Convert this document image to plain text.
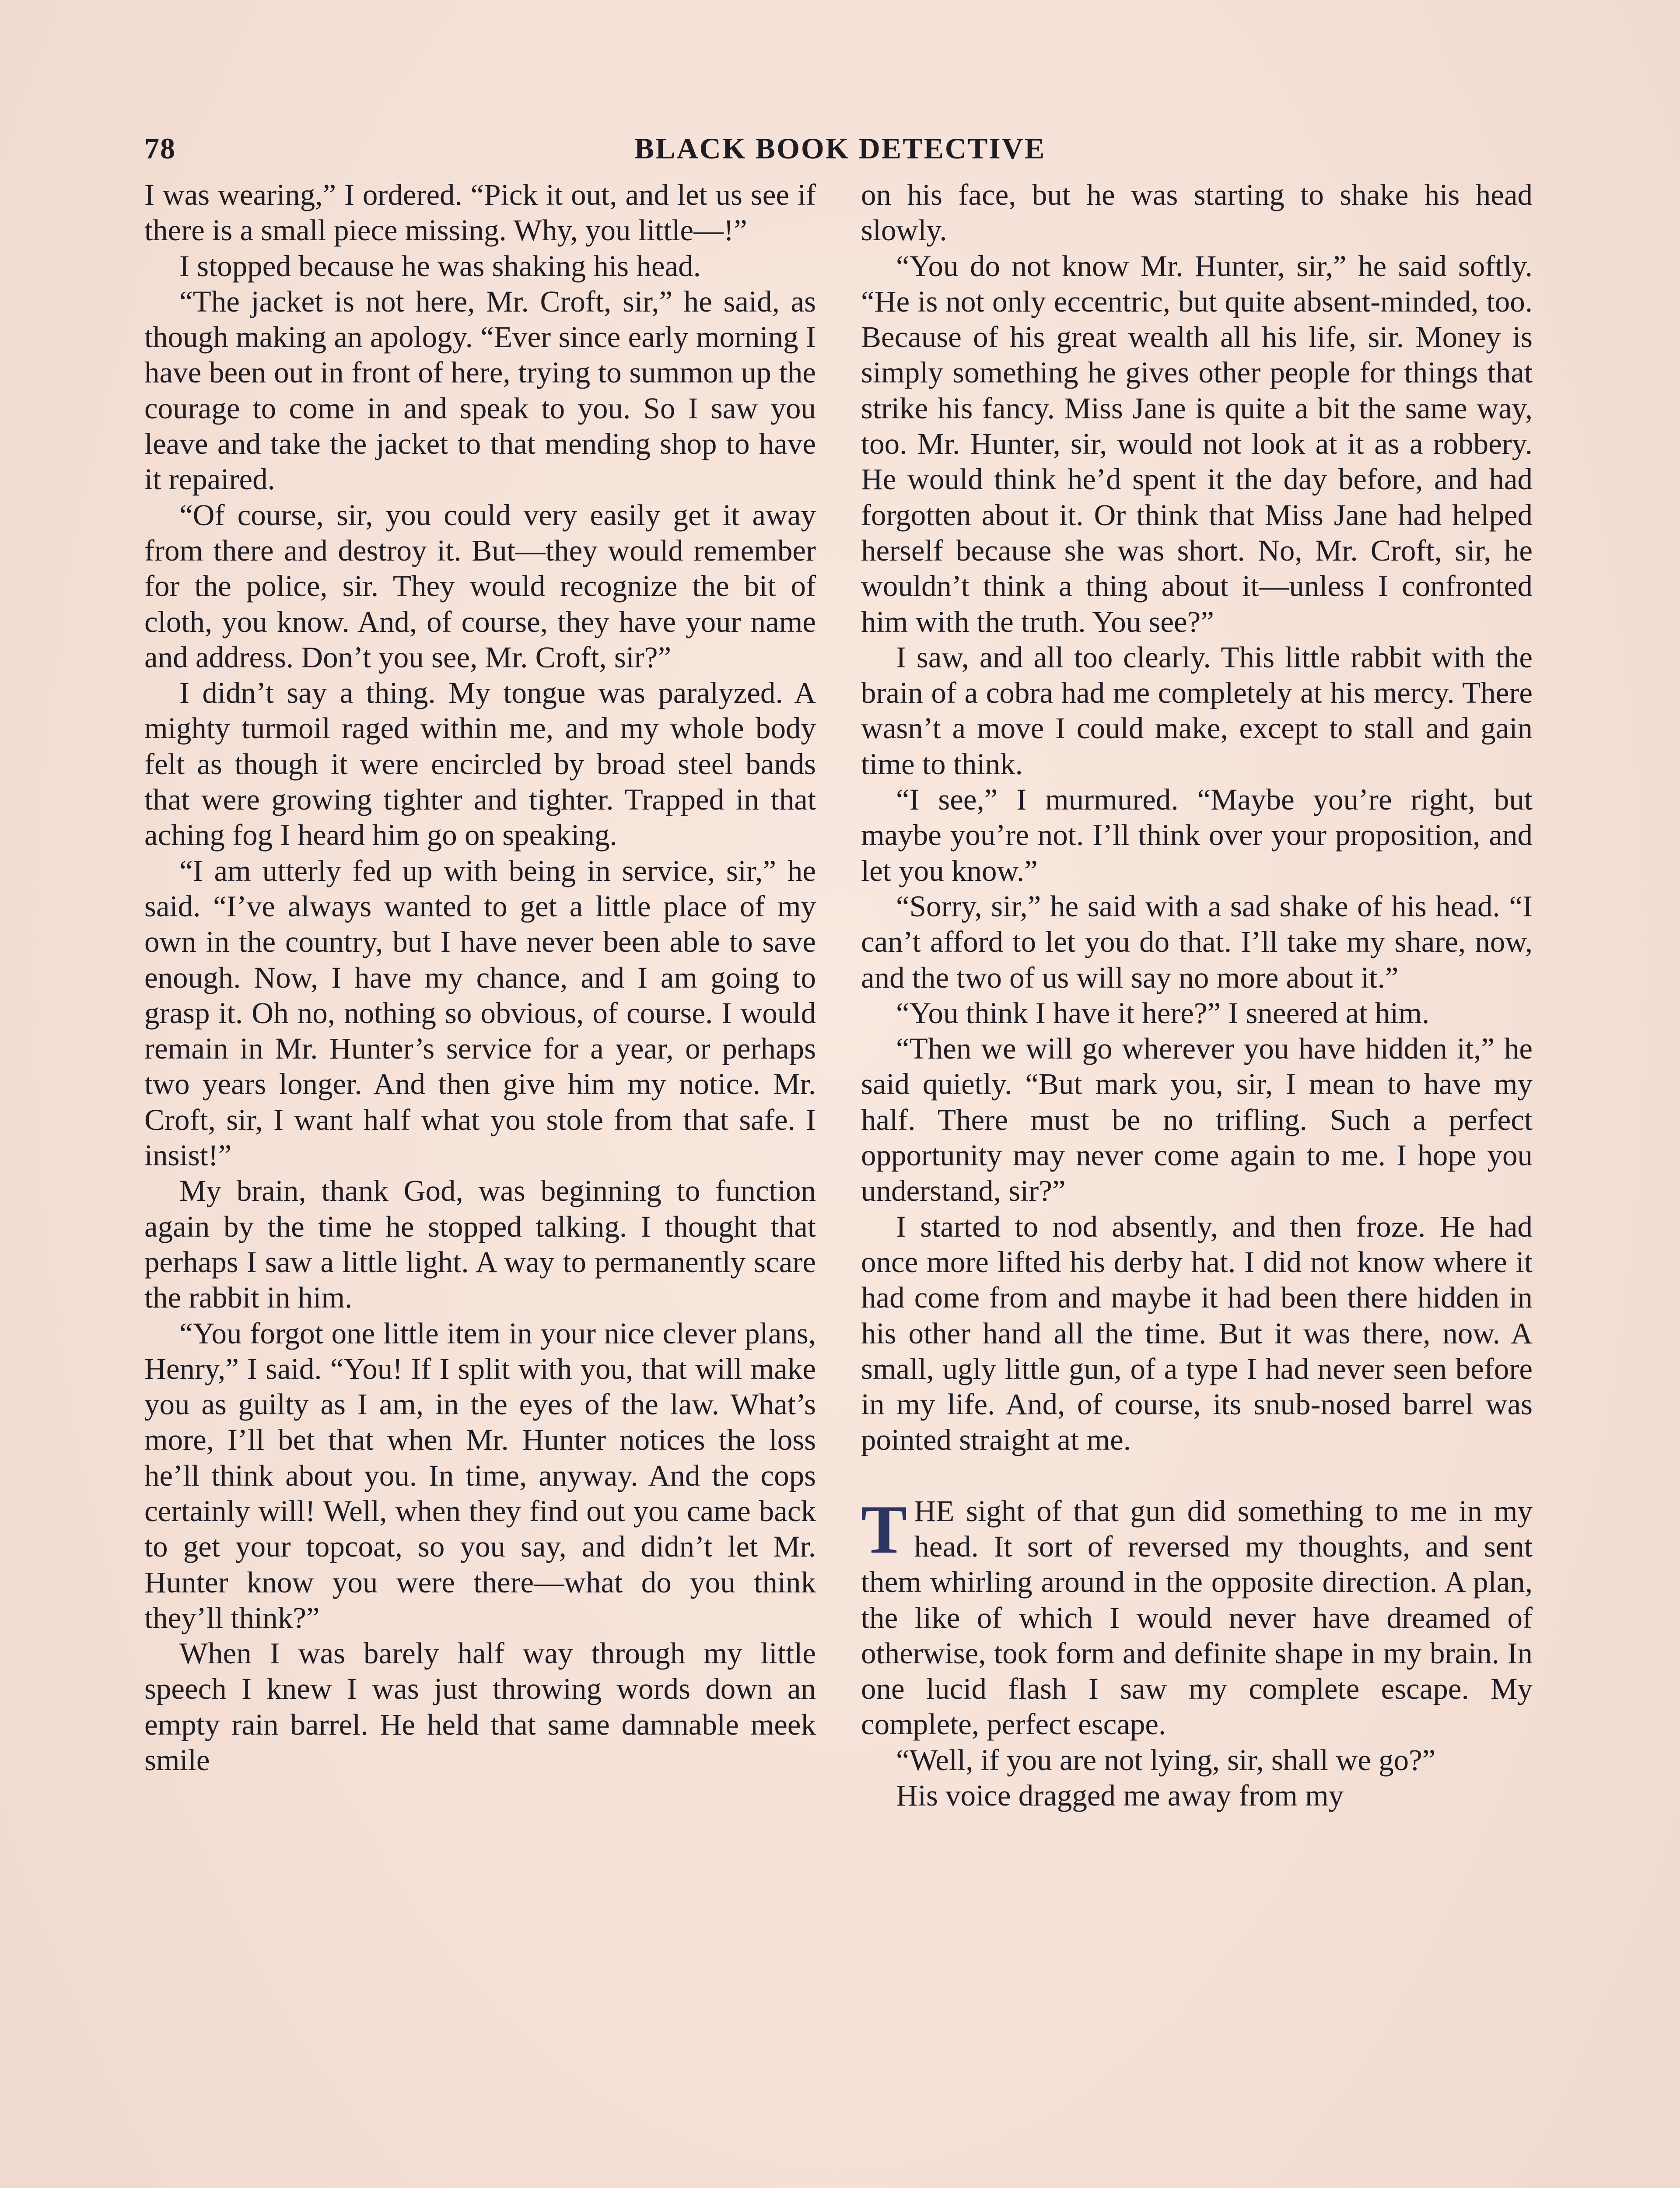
78	BLACK BOOK DETECTIVE

I was wearing,” I ordered. “Pick it out, and let us see if there is a small piece missing. Why, you little—!”

I stopped because he was shaking his head.

“The jacket is not here, Mr. Croft, sir,” he said, as though making an apology. “Ever since early morning I have been out in front of here, trying to summon up the courage to come in and speak to you. So I saw you leave and take the jacket to that mending shop to have it repaired.

“Of course, sir, you could very easily get it away from there and destroy it. But—they would remember for the police, sir. They would recognize the bit of cloth, you know. And, of course, they have your name and address. Don’t you see, Mr. Croft, sir?”

I didn’t say a thing. My tongue was paralyzed. A mighty turmoil raged within me, and my whole body felt as though it were encircled by broad steel bands that were growing tighter and tighter. Trapped in that aching fog I heard him go on speaking.

“I am utterly fed up with being in service, sir,” he said. “I’ve always wanted to get a little place of my own in the country, but I have never been able to save enough. Now, I have my chance, and I am going to grasp it. Oh no, nothing so obvious, of course. I would remain in Mr. Hunter’s service for a year, or perhaps two years longer. And then give him my notice. Mr. Croft, sir, I want half what you stole from that safe. I insist!”

My brain, thank God, was beginning to function again by the time he stopped talking. I thought that perhaps I saw a little light. A way to permanently scare the rabbit in him.

“You forgot one little item in your nice clever plans, Henry,” I said. “You! If I split with you, that will make you as guilty as I am, in the eyes of the law. What’s more, I’ll bet that when Mr. Hunter notices the loss he’ll think about you. In time, anyway. And the cops certainly will! Well, when they find out you came back to get your topcoat, so you say, and didn’t let Mr. Hunter know you were there—what do you think they’ll think?”

When I was barely half way through my little speech I knew I was just throwing words down an empty rain barrel. He held that same damnable meek smile

on his face, but he was starting to shake his head slowly.

“You do not know Mr. Hunter, sir,” he said softly. “He is not only eccentric, but quite absent-minded, too. Because of his great wealth all his life, sir. Money is simply something he gives other people for things that strike his fancy. Miss Jane is quite a bit the same way, too. Mr. Hunter, sir, would not look at it as a robbery. He would think he’d spent it the day before, and had forgotten about it. Or think that Miss Jane had helped herself because she was short. No, Mr. Croft, sir, he wouldn’t think a thing about it—unless I confronted him with the truth. You see?”

I saw, and all too clearly. This little rabbit with the brain of a cobra had me completely at his mercy. There wasn’t a move I could make, except to stall and gain time to think.

“I see,” I murmured. “Maybe you’re right, but maybe you’re not. I’ll think over your proposition, and let you know.”

“Sorry, sir,” he said with a sad shake of his head. “I can’t afford to let you do that. I’ll take my share, now, and the two of us will say no more about it.”

“You think I have it here?” I sneered at him.

“Then we will go wherever you have hidden it,” he said quietly. “But mark you, sir, I mean to have my half. There must be no trifling. Such a perfect opportunity may never come again to me. I hope you understand, sir?”

I started to nod absently, and then froze. He had once more lifted his derby hat. I did not know where it had come from and maybe it had been there hidden in his other hand all the time. But it was there, now. A small, ugly little gun, of a type I had never seen before in my life. And, of course, its snub-nosed barrel was pointed straight at me.

THE sight of that gun did something to me in my head. It sort of reversed my thoughts, and sent them whirling around in the opposite direction. A plan, the like of which I would never have dreamed of otherwise, took form and definite shape in my brain. In one lucid flash I saw my complete escape. My complete, perfect escape.

“Well, if you are not lying, sir, shall we go?”

His voice dragged me away from my
